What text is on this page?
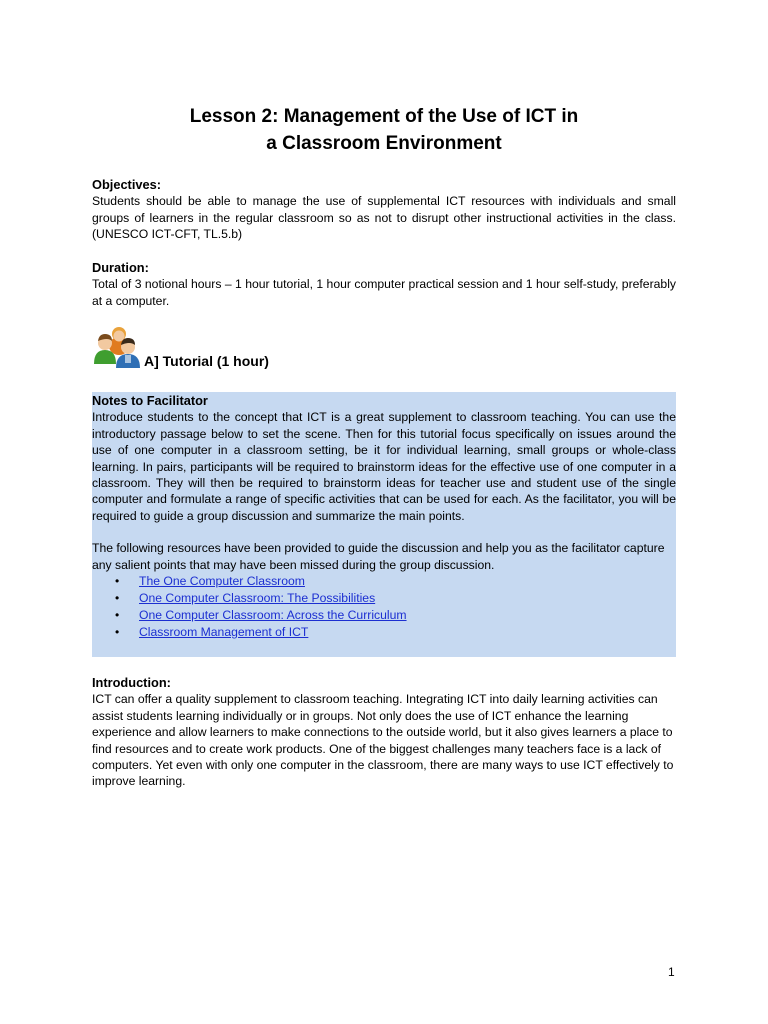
Lesson 2: Management of the Use of ICT in
a Classroom Environment
Objectives:
Students should be able to manage the use of supplemental ICT resources with individuals and small groups of learners in the regular classroom so as not to disrupt other instructional activities in the class. (UNESCO ICT-CFT, TL.5.b)
Duration:
Total of 3 notional hours – 1 hour tutorial, 1 hour computer practical session and 1 hour self-study, preferably at a computer.
A] Tutorial (1 hour)
Notes to Facilitator
Introduce students to the concept that ICT is a great supplement to classroom teaching. You can use the introductory passage below to set the scene. Then for this tutorial focus specifically on issues around the use of one computer in a classroom setting, be it for individual learning, small groups or whole-class learning. In pairs, participants will be required to brainstorm ideas for the effective use of one computer in a classroom. They will then be required to brainstorm ideas for teacher use and student use of the single computer and formulate a range of specific activities that can be used for each. As the facilitator, you will be required to guide a group discussion and summarize the main points.
The following resources have been provided to guide the discussion and help you as the facilitator capture any salient points that may have been missed during the group discussion.
• The One Computer Classroom
• One Computer Classroom: The Possibilities
• One Computer Classroom: Across the Curriculum
• Classroom Management of ICT
Introduction:
ICT can offer a quality supplement to classroom teaching. Integrating ICT into daily learning activities can assist students learning individually or in groups. Not only does the use of ICT enhance the learning experience and allow learners to make connections to the outside world, but it also gives learners a place to find resources and to create work products. One of the biggest challenges many teachers face is a lack of computers. Yet even with only one computer in the classroom, there are many ways to use ICT effectively to improve learning.
1
